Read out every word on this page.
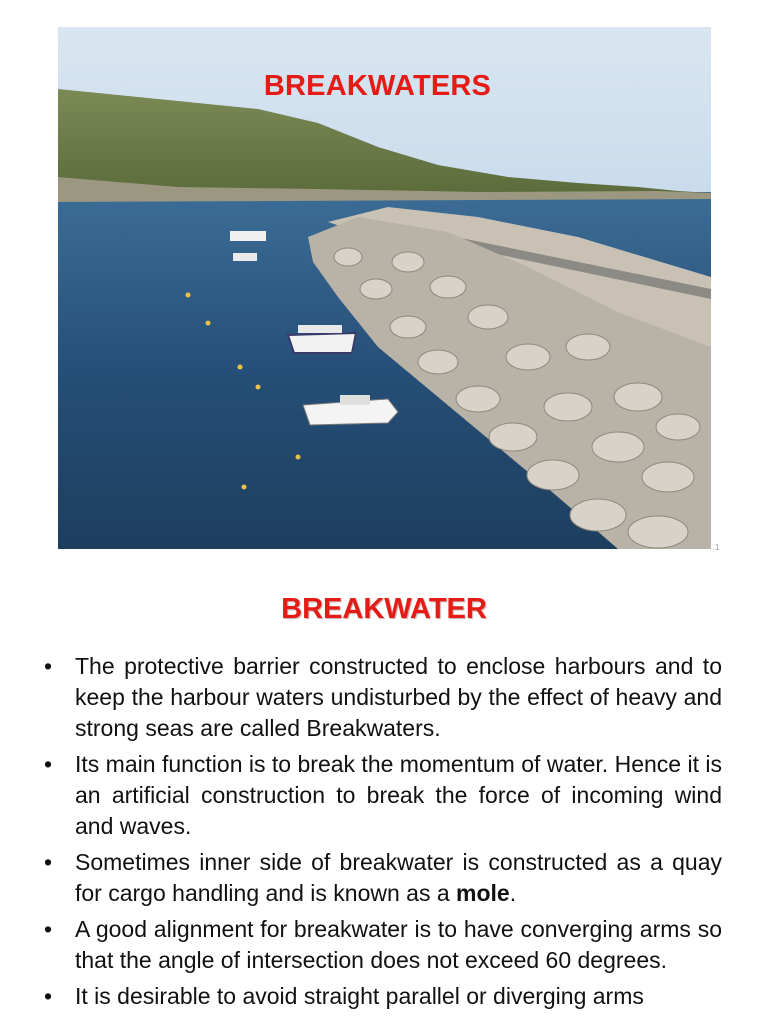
BREAKWATERS
1
BREAKWATER
• The protective barrier constructed to enclose harbours and to keep the harbour waters undisturbed by the effect of heavy and strong seas are called Breakwaters.
• Its main function is to break the momentum of water. Hence it is an artificial construction to break the force of incoming wind and waves.
• Sometimes inner side of breakwater is constructed as a quay for cargo handling and is known as a mole.
• A good alignment for breakwater is to have converging arms so that the angle of intersection does not exceed 60 degrees.
• It is desirable to avoid straight parallel or diverging arms
